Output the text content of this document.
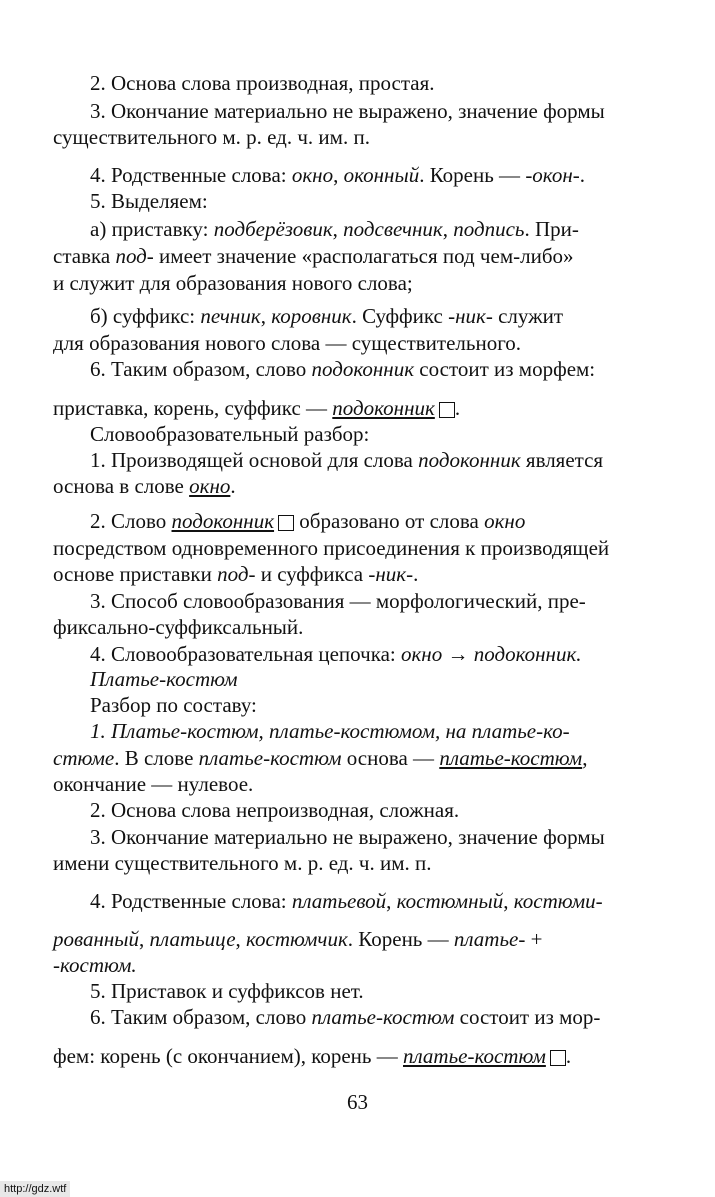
2. Основа слова производная, простая.
3. Окончание материально не выражено, значение формы
существительного м. р. ед. ч. им. п.
4. Родственные слова: окно, оконный. Корень — -окон-.
5. Выделяем:
а) приставку: подберёзовик, подсвечник, подпись. При-
ставка под- имеет значение «располагаться под чем-либо»
и служит для образования нового слова;
б) суффикс: печник, коровник. Суффикс -ник- служит
для образования нового слова — существительного.
6. Таким образом, слово подоконник состоит из морфем:
приставка, корень, суффикс — подоконник .
Словообразовательный разбор:
1. Производящей основой для слова подоконник является
основа в слове окно.
2. Слово подоконник образовано от слова окно
посредством одновременного присоединения к производящей
основе приставки под- и суффикса -ник-.
3. Способ словообразования — морфологический, пре-
фиксально-суффиксальный.
4. Словообразовательная цепочка: окно → подоконник.
Платье-костюм
Разбор по составу:
1. Платье-костюм, платье-костюмом, на платье-ко-
стюме. В слове платье-костюм основа — платье-костюм,
окончание — нулевое.
2. Основа слова непроизводная, сложная.
3. Окончание материально не выражено, значение формы
имени существительного м. р. ед. ч. им. п.
4. Родственные слова: платьевой, костюмный, костюми-
рованный, платьице, костюмчик. Корень — платье- +
-костюм.
5. Приставок и суффиксов нет.
6. Таким образом, слово платье-костюм состоит из мор-
фем: корень (с окончанием), корень — платье-костюм .
63
http://gdz.wtf
